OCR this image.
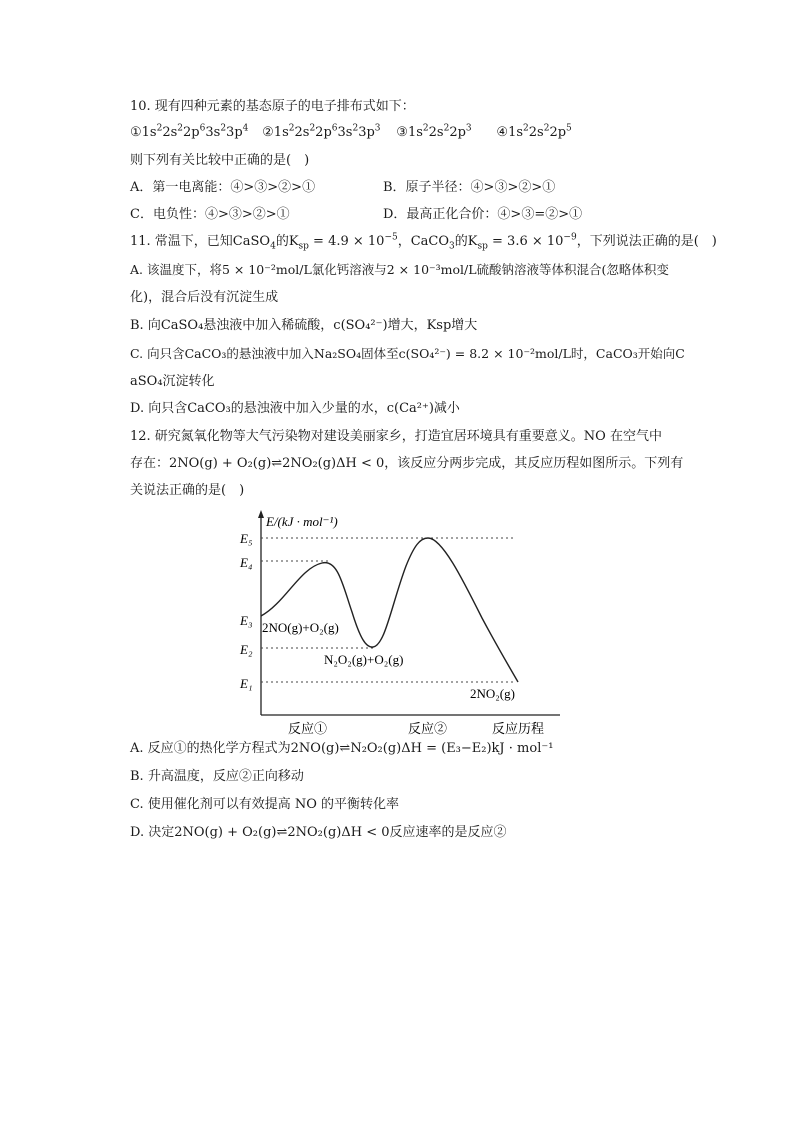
10. 现有四种元素的基态原子的电子排布式如下：
$①1s^22s^22p^63s^23p^4$ $②1s^22s^22p^63s^23p^3$ $③1s^22s^22p^3$ $④1s^22s^22p^5$
则下列有关比较中正确的是(　)
A．第一电离能：④>③>②>①	B．原子半径：④>③>②>①
C．电负性：④>③>②>①	D．最高正化合价：④>③=②>①
11. 常温下，已知CaSO$_4$的$K_{sp} = 4.9 \times 10^{-5}$，CaCO$_3$的$K_{sp} = 3.6 \times 10^{-9}$，下列说法正确的是(　)
A. 该温度下，将5 × 10⁻²mol/L氯化钙溶液与2 × 10⁻³mol/L硫酸钠溶液等体积混合(忽略体积变
化)，混合后没有沉淀生成
B. 向CaSO₄悬浊液中加入稀硫酸，c(SO₄²⁻)增大，Ksp增大
C. 向只含CaCO₃的悬浊液中加入Na₂SO₄固体至c(SO₄²⁻) = 8.2 × 10⁻²mol/L时，CaCO₃开始向C
aSO₄沉淀转化
D. 向只含CaCO₃的悬浊液中加入少量的水，c(Ca²⁺)减小
12. 研究氮氧化物等大气污染物对建设美丽家乡，打造宜居环境具有重要意义。NO 在空气中
存在：2NO(g) + O₂(g)⇌2NO₂(g)ΔH < 0，该反应分两步完成，其反应历程如图所示。下列有
关说法正确的是(　)
E/(kJ · mol⁻¹)
E₅
E₄
E₃
E₂
E₁
2NO(g)+O₂(g)
N₂O₂(g)+O₂(g)
2NO₂(g)
反应①	反应②	反应历程
A. 反应①的热化学方程式为2NO(g)⇌N₂O₂(g)ΔH = (E₃−E₂)kJ · mol⁻¹
B. 升高温度，反应②正向移动
C. 使用催化剂可以有效提高 NO 的平衡转化率
D. 决定2NO(g) + O₂(g)⇌2NO₂(g)ΔH < 0反应速率的是反应②
